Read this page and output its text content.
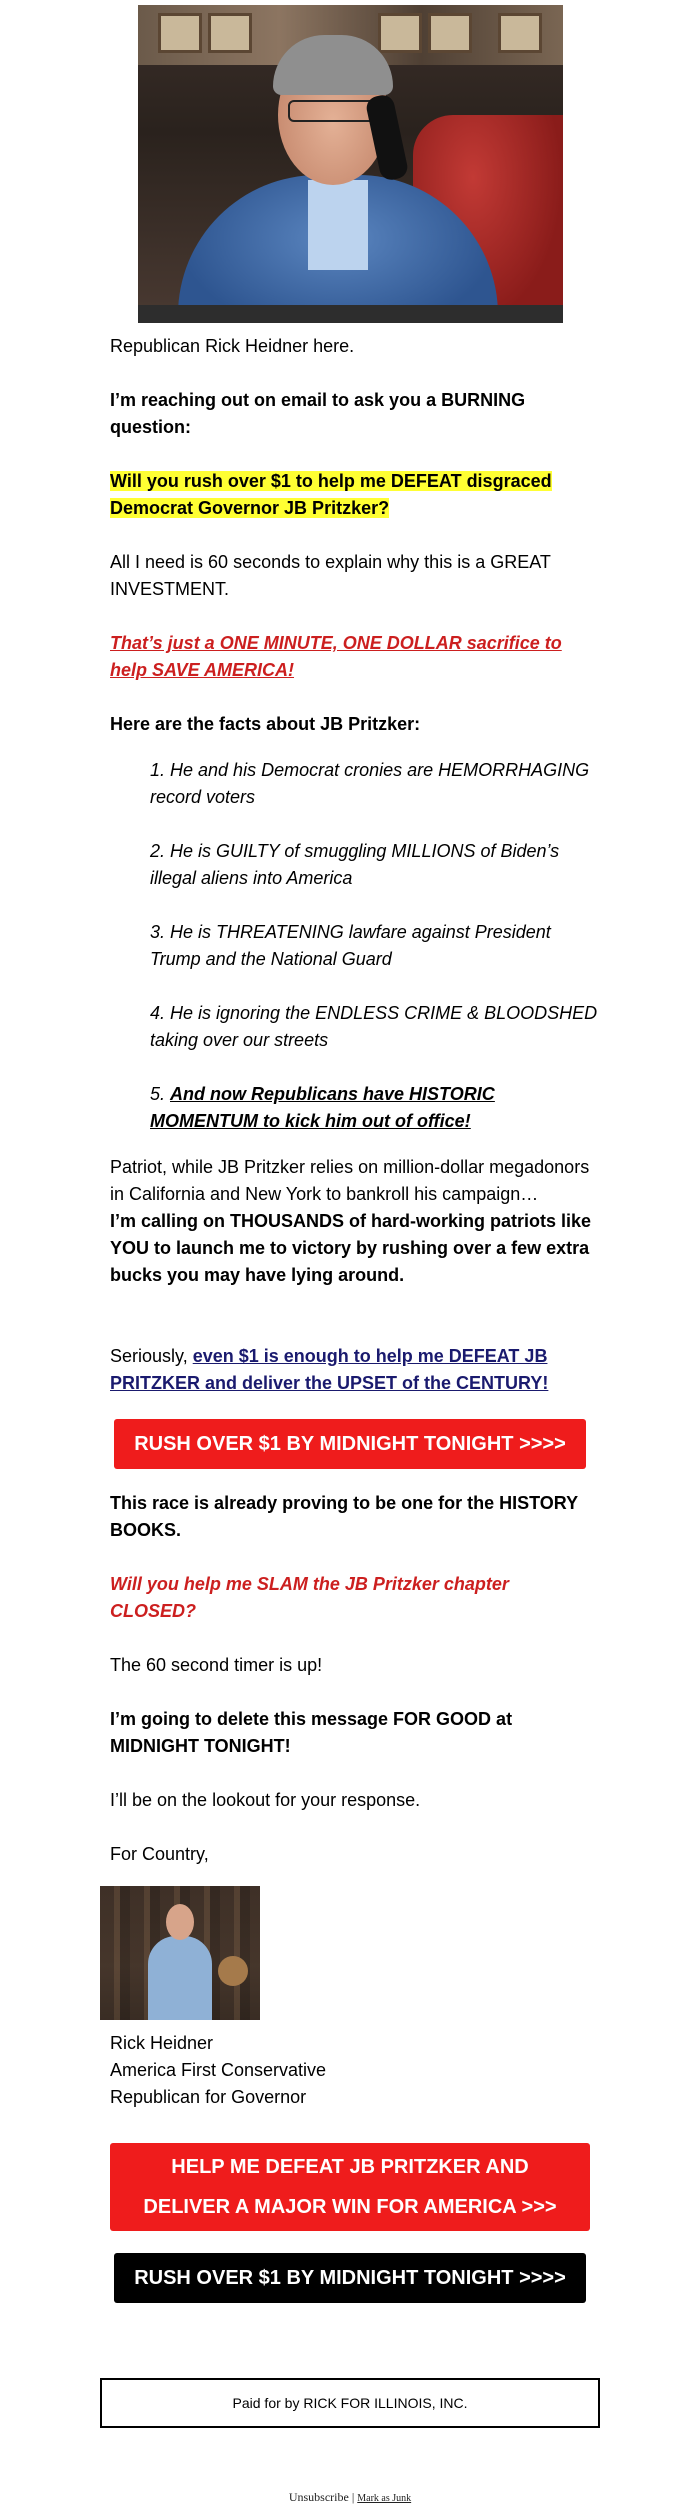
Republican Rick Heidner here.

I’m reaching out on email to ask you a BURNING question:

Will you rush over $1 to help me DEFEAT disgraced Democrat Governor JB Pritzker?

All I need is 60 seconds to explain why this is a GREAT INVESTMENT.

That’s just a ONE MINUTE, ONE DOLLAR sacrifice to help SAVE AMERICA!

Here are the facts about JB Pritzker:

1. He and his Democrat cronies are HEMORRHAGING record voters

2. He is GUILTY of smuggling MILLIONS of Biden’s illegal aliens into America

3. He is THREATENING lawfare against President Trump and the National Guard

4. He is ignoring the ENDLESS CRIME & BLOODSHED taking over our streets

5. And now Republicans have HISTORIC MOMENTUM to kick him out of office!

Patriot, while JB Pritzker relies on million-dollar megadonors in California and New York to bankroll his campaign…

I’m calling on THOUSANDS of hard-working patriots like YOU to launch me to victory by rushing over a few extra bucks you may have lying around.

Seriously, even $1 is enough to help me DEFEAT JB PRITZKER and deliver the UPSET of the CENTURY!

RUSH OVER $1 BY MIDNIGHT TONIGHT >>>>

This race is already proving to be one for the HISTORY BOOKS.

Will you help me SLAM the JB Pritzker chapter CLOSED?

The 60 second timer is up!

I’m going to delete this message FOR GOOD at MIDNIGHT TONIGHT!

I’ll be on the lookout for your response.

For Country,

Rick Heidner

America First Conservative

Republican for Governor

HELP ME DEFEAT JB PRITZKER AND
DELIVER A MAJOR WIN FOR AMERICA >>>
RUSH OVER $1 BY MIDNIGHT TONIGHT >>>>
Paid for by RICK FOR ILLINOIS, INC.
Unsubscribe | Mark as Junk
